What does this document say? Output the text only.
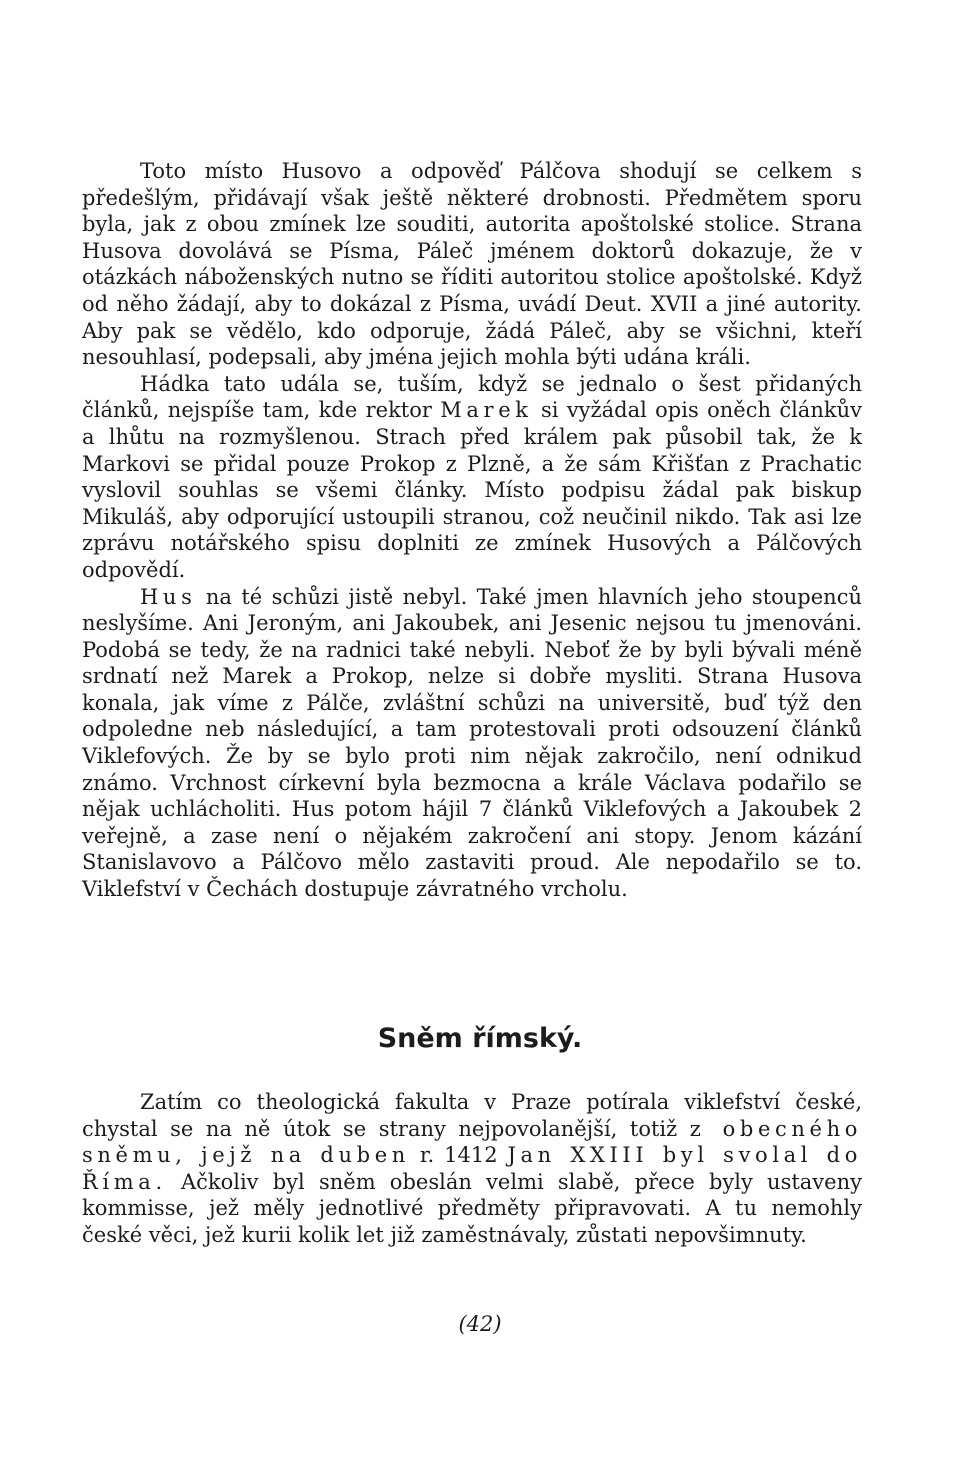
Toto místo Husovo a odpověď Pálčova shodují se celkem s předešlým, přidávají však ještě některé drobnosti. Předmětem sporu byla, jak z obou zmínek lze souditi, autorita apoštolské stolice. Strana Husova dovolává se Písma, Páleč jménem doktorů dokazuje, že v otázkách náboženských nutno se říditi autoritou stolice apoštolské. Když od něho žádají, aby to dokázal z Písma, uvádí Deut. XVII a jiné autority. Aby pak se vědělo, kdo odporuje, žádá Páleč, aby se všichni, kteří nesouhlasí, podepsali, aby jména jejich mohla býti udána králi.

Hádka tato udála se, tuším, když se jednalo o šest přidaných článků, nejspíše tam, kde rektor Marek si vyžádal opis oněch článkův a lhůtu na rozmyšlenou. Strach před králem pak působil tak, že k Markovi se přidal pouze Prokop z Plzně, a že sám Křišťan z Prachatic vyslovil souhlas se všemi články. Místo podpisu žádal pak biskup Mikuláš, aby odporující ustoupili stranou, což neučinil nikdo. Tak asi lze zprávu notářského spisu doplniti ze zmínek Husových a Pálčových odpovědí.

Hus na té schůzi jistě nebyl. Také jmen hlavních jeho stoupenců neslyšíme. Ani Jeroným, ani Jakoubek, ani Jesenic nejsou tu jmenováni. Podobá se tedy, že na radnici také nebyli. Neboť že by byli bývali méně srdnatí než Marek a Prokop, nelze si dobře mysliti. Strana Husova konala, jak víme z Pálče, zvláštní schůzi na universitě, buď týž den odpoledne neb následující, a tam protestovali proti odsouzení článků Viklefových. Že by se bylo proti nim nějak zakročilo, není odnikud známo. Vrchnost církevní byla bezmocna a krále Václava podařilo se nějak uchlácholiti. Hus potom hájil 7 článků Viklefových a Jakoubek 2 veřejně, a zase není o nějakém zakročení ani stopy. Jenom kázání Stanislavovo a Pálčovo mělo zastaviti proud. Ale nepodařilo se to. Viklefství v Čechách dostupuje závratného vrcholu.

Sněm římský.

Zatím co theologická fakulta v Praze potírala viklefství české, chystal se na ně útok se strany nejpovolanější, totiž z obecného sněmu, jejž na duben r. 1412 Jan XXIII byl svolal do Říma. Ačkoliv byl sněm obeslán velmi slabě, přece byly ustaveny kommisse, jež měly jednotlivé předměty připravovati. A tu nemohly české věci, jež kurii kolik let již zaměstnávaly, zůstati nepovšimnuty.

(42)
